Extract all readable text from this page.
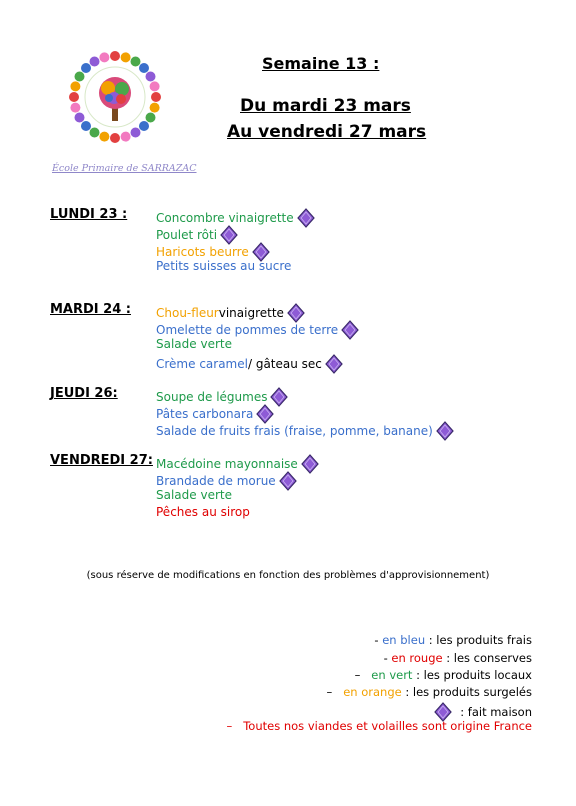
Semaine 13 :
Du mardi 23 mars
Au vendredi 27 mars
École Primaire de SARRAZAC
LUNDI 23 : Concombre vinaigrette
Poulet rôti
Haricots beurre
Petits suisses au sucre
MARDI 24 : Chou-fleur vinaigrette
Omelette de pommes de terre
Salade verte
Crème caramel / gâteau sec
JEUDI 26:	Soupe de légumes
Pâtes carbonara
Salade de fruits frais (fraise, pomme, banane)
VENDREDI 27: Macédoine mayonnaise
Brandade de morue
Salade verte
Pêches au sirop
(sous réserve de modifications en fonction des problèmes d'approvisionnement)
- en bleu : les produits frais
- en rouge : les conserves
– en vert : les produits locaux
– en orange : les produits surgelés
: fait maison
– Toutes nos viandes et volailles sont origine France
